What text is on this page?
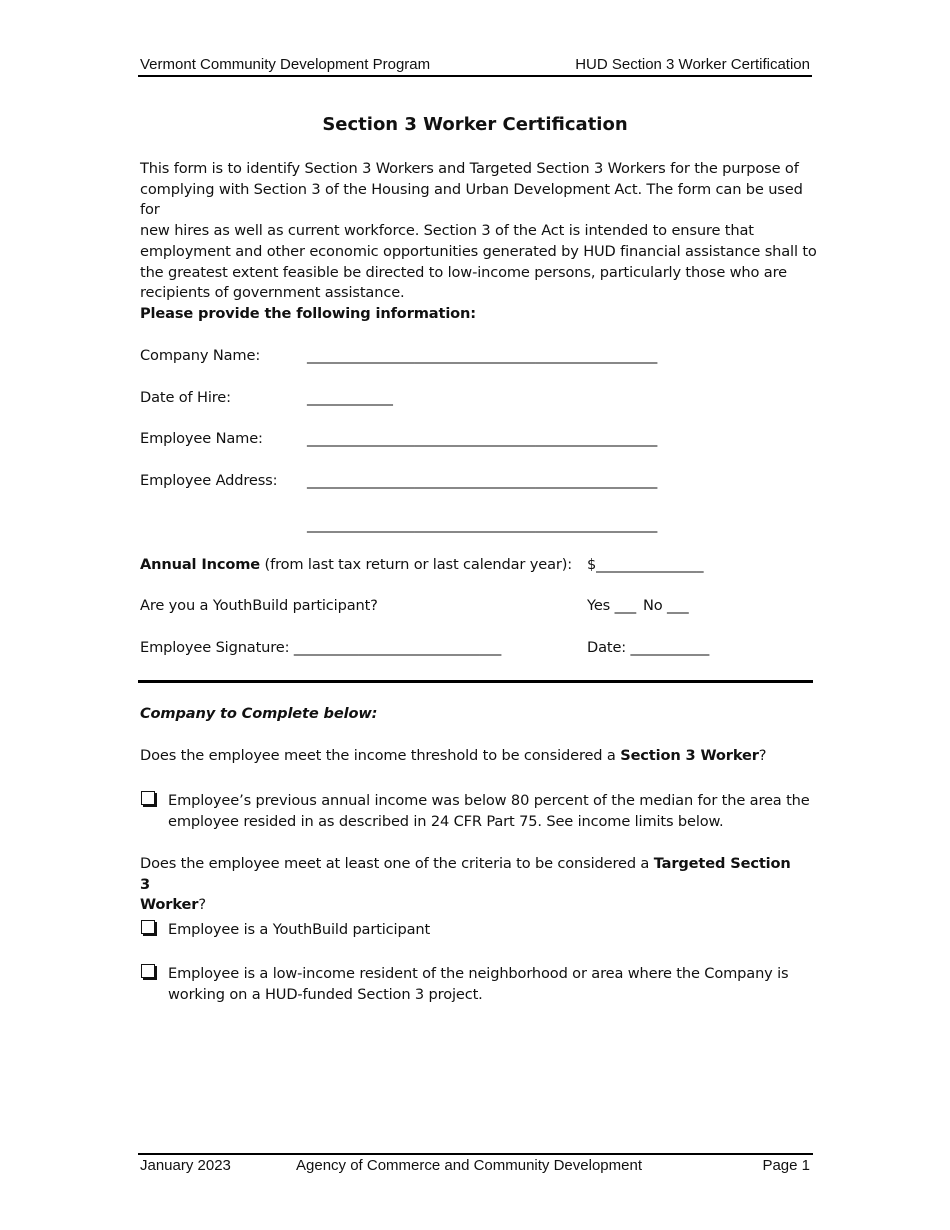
Vermont Community Development Program	HUD Section 3 Worker Certification
Section 3 Worker Certification
This form is to identify Section 3 Workers and Targeted Section 3 Workers for the purpose of
complying with Section 3 of the Housing and Urban Development Act. The form can be used for
new hires as well as current workforce. Section 3 of the Act is intended to ensure that
employment and other economic opportunities generated by HUD financial assistance shall to
the greatest extent feasible be directed to low-income persons, particularly those who are
recipients of government assistance.
Please provide the following information:
Company Name:	_________________________________________________
Date of Hire:	____________
Employee Name:	_________________________________________________
Employee Address: _________________________________________________
_________________________________________________
Annual Income (from last tax return or last calendar year): $_______________
Are you a YouthBuild participant?	Yes ___ No ___
Employee Signature: _____________________________	Date: ___________
Company to Complete below:
Does the employee meet the income threshold to be considered a Section 3 Worker?
Employee’s previous annual income was below 80 percent of the median for the area the
employee resided in as described in 24 CFR Part 75. See income limits below.
Does the employee meet at least one of the criteria to be considered a Targeted Section 3
Worker?
Employee is a YouthBuild participant
Employee is a low-income resident of the neighborhood or area where the Company is
working on a HUD-funded Section 3 project.
January 2023	Agency of Commerce and Community Development	Page 1
